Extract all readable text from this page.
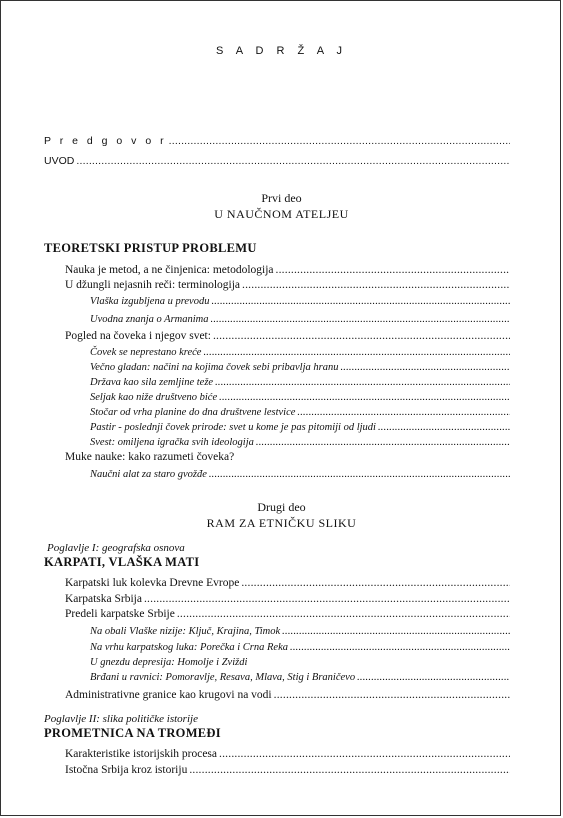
S A D R Ž A J
P r e d g o v o r
.....
UVOD
.....
Prvi deo
U NAUČNOM ATELJEU
TEORETSKI PRISTUP PROBLEMU
Nauka je metod, a ne činjenica: metodologija
.....
U džungli nejasnih reči: terminologija
.....
Vlaška izgubljena u prevodu
.....
Uvodna znanja o Armanima
.....
Pogled na čoveka i njegov svet:
.....
Čovek se neprestano kreće
.....
Večno gladan: načini na kojima čovek sebi pribavlja hranu
.....
Država kao sila zemljine teže
.....
Seljak kao niže društveno biće
.....
Stočar od vrha planine do dna društvene lestvice
.....
Pastir - poslednji čovek prirode: svet u kome je pas pitomiji od ljudi
.....
Svest: omiljena igračka svih ideologija
.....
Muke nauke: kako razumeti čoveka?
Naučni alat za staro gvožđe
.....
Drugi deo
RAM ZA ETNIČKU SLIKU
Poglavlje I: geografska osnova
KARPATI, VLAŠKA MATI
Karpatski luk kolevka Drevne Evrope
.....
Karpatska Srbija
.....
Predeli karpatske Srbije
.....
Na obali Vlaške nizije: Ključ, Krajina, Timok
.....
Na vrhu karpatskog luka: Porečka i Crna Reka
.....
U gnezdu depresija: Homolje i Zviždi
Brđani u ravnici: Pomoravlje, Resava, Mlava, Stig i Braničevo
.....
Administrativne granice kao krugovi na vodi
.....
Poglavlje II: slika političke istorije
PROMETNICA NA TROMEĐI
Karakteristike istorijskih procesa
.....
Istočna Srbija kroz istoriju
.....
